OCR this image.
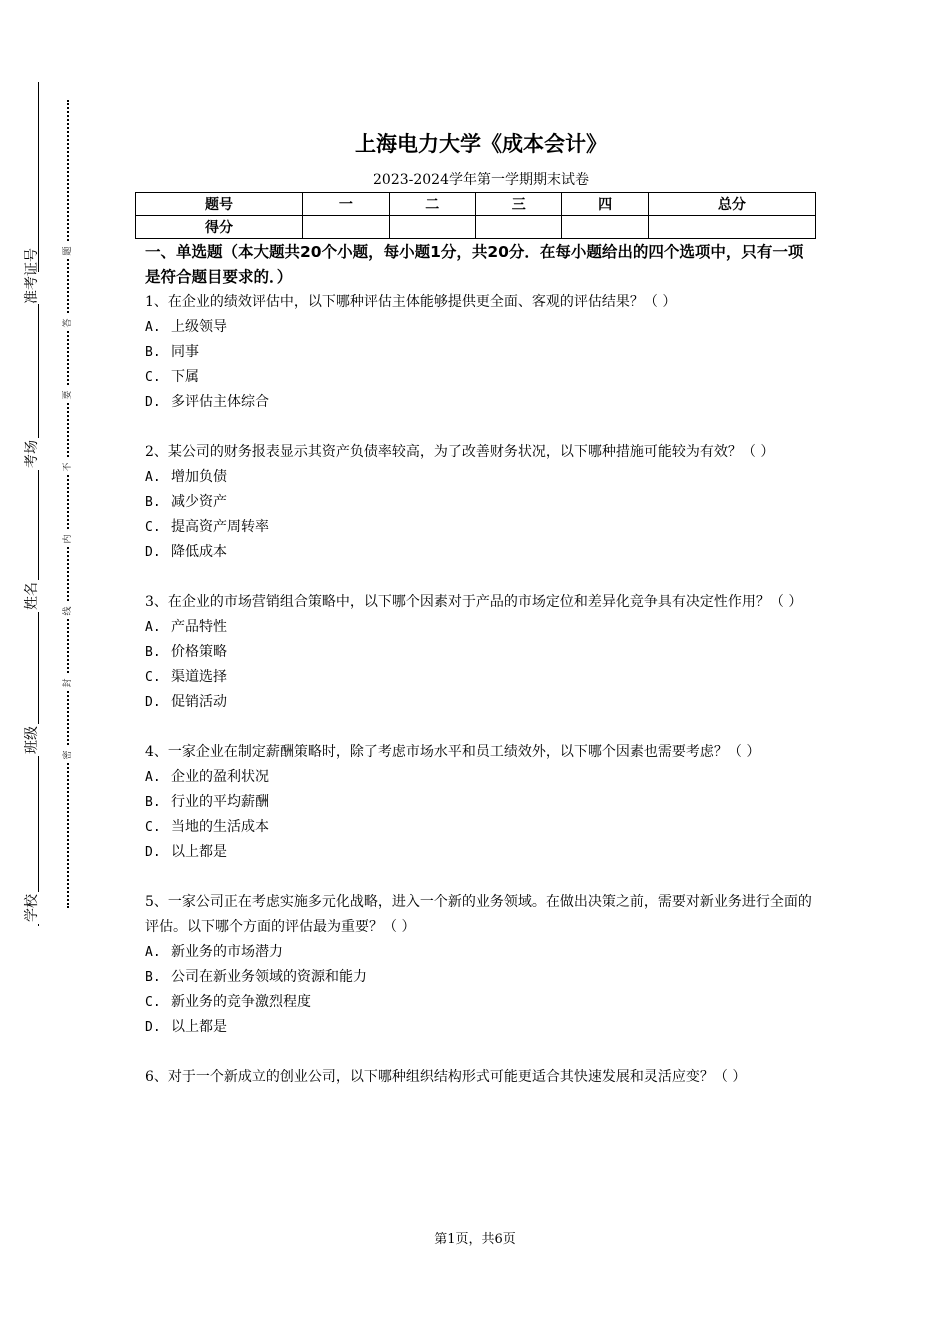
准考证号
考场
姓名
班级
学校
题
答
要
不
内
线
封
密
上海电力大学《成本会计》
2023-2024学年第一学期期末试卷
题号	一	二	三	四	总分
得分					
一、单选题（本大题共20个小题，每小题1分，共20分．在每小题给出的四个选项中，只有一项是符合题目要求的．）

1、在企业的绩效评估中，以下哪种评估主体能够提供更全面、客观的评估结果？（ ）

A. 上级领导
B. 同事
C. 下属
D. 多评估主体综合

2、某公司的财务报表显示其资产负债率较高，为了改善财务状况，以下哪种措施可能较为有效？（ ）

A. 增加负债
B. 减少资产
C. 提高资产周转率
D. 降低成本

3、在企业的市场营销组合策略中，以下哪个因素对于产品的市场定位和差异化竞争具有决定性作用？（ ）

A. 产品特性
B. 价格策略
C. 渠道选择
D. 促销活动

4、一家企业在制定薪酬策略时，除了考虑市场水平和员工绩效外，以下哪个因素也需要考虑？（ ）

A. 企业的盈利状况
B. 行业的平均薪酬
C. 当地的生活成本
D. 以上都是

5、一家公司正在考虑实施多元化战略，进入一个新的业务领域。在做出决策之前，需要对新业务进行全面的评估。以下哪个方面的评估最为重要？（ ）

A. 新业务的市场潜力
B. 公司在新业务领域的资源和能力
C. 新业务的竞争激烈程度
D. 以上都是

6、对于一个新成立的创业公司，以下哪种组织结构形式可能更适合其快速发展和灵活应变？（ ）

第1页，共6页
